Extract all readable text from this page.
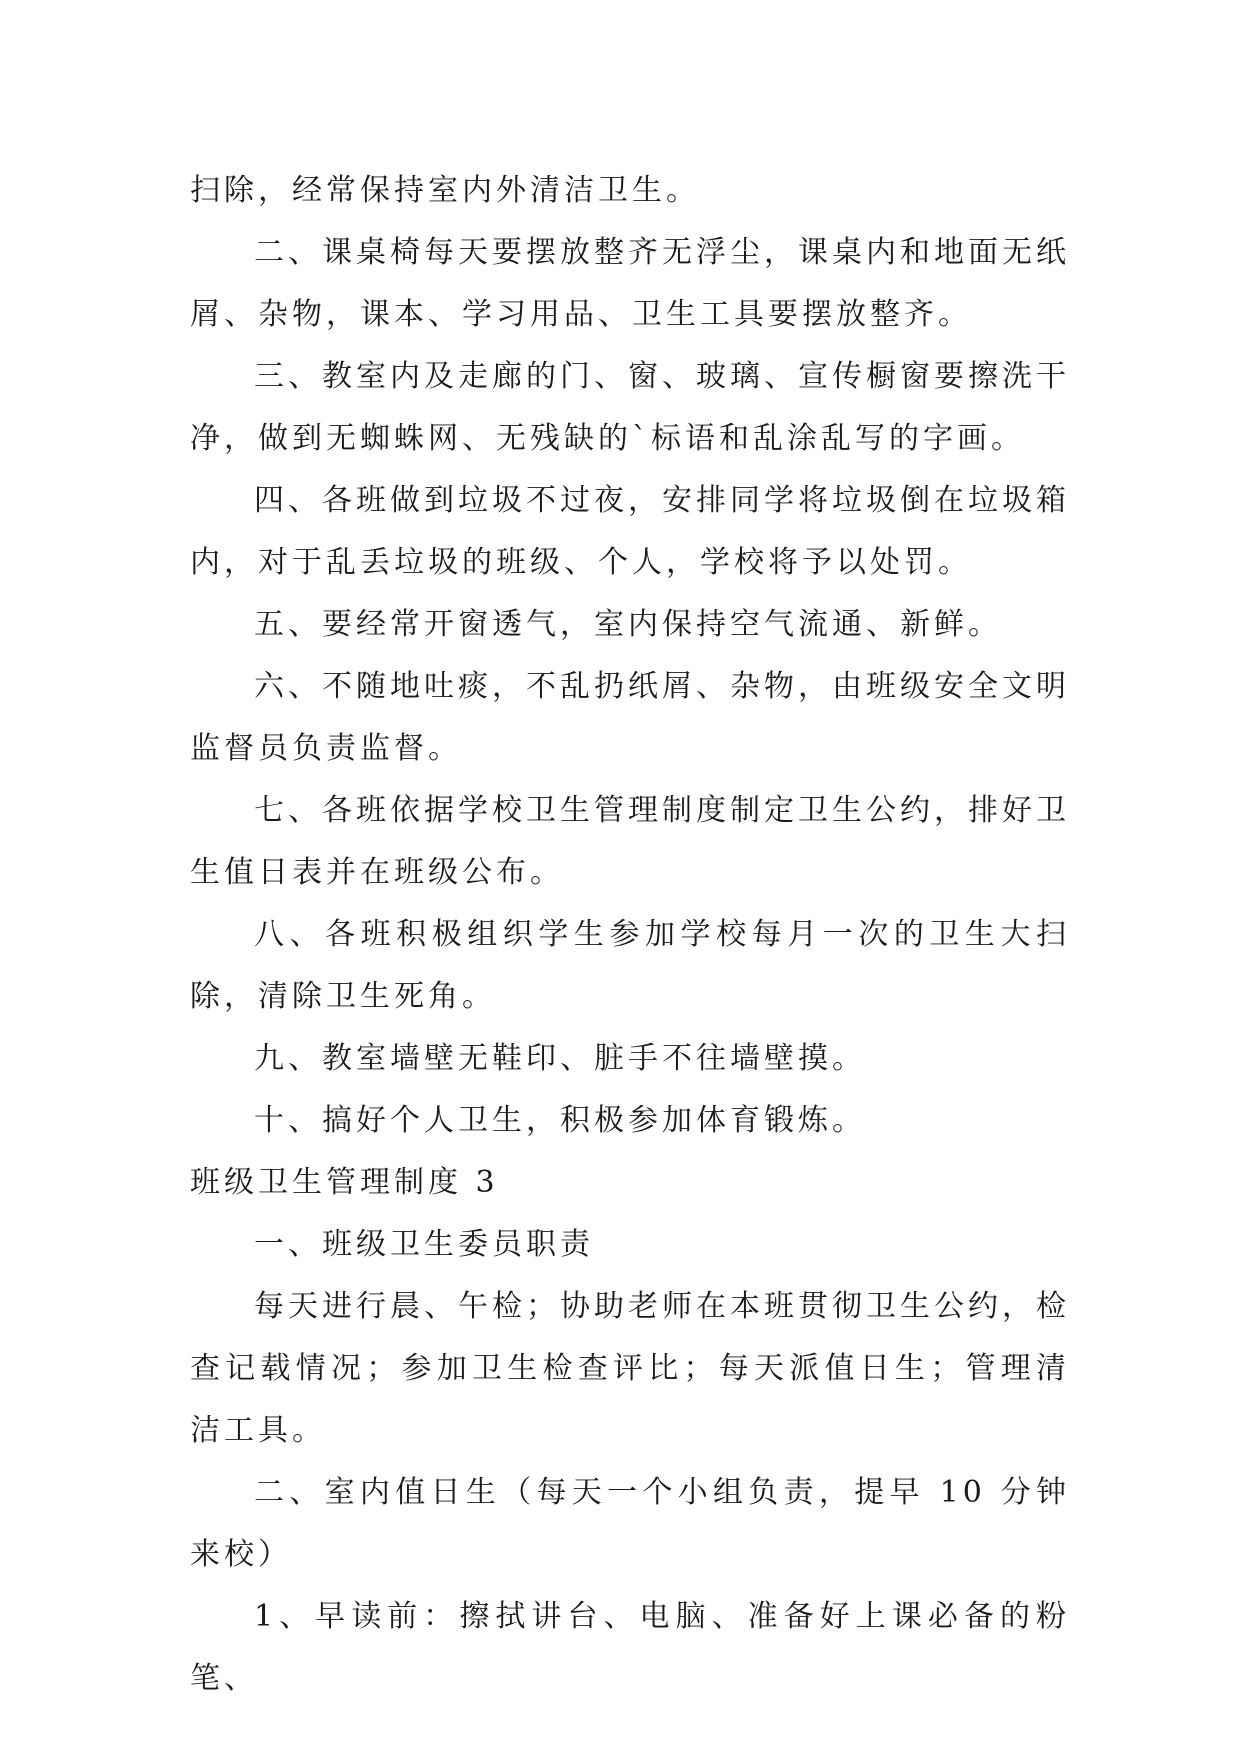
扫除，经常保持室内外清洁卫生。

二、课桌椅每天要摆放整齐无浮尘，课桌内和地面无纸屑、杂物，课本、学习用品、卫生工具要摆放整齐。

三、教室内及走廊的门、窗、玻璃、宣传橱窗要擦洗干净，做到无蜘蛛网、无残缺的`标语和乱涂乱写的字画。

四、各班做到垃圾不过夜，安排同学将垃圾倒在垃圾箱内，对于乱丢垃圾的班级、个人，学校将予以处罚。

五、要经常开窗透气，室内保持空气流通、新鲜。

六、不随地吐痰，不乱扔纸屑、杂物，由班级安全文明监督员负责监督。

七、各班依据学校卫生管理制度制定卫生公约，排好卫生值日表并在班级公布。

八、各班积极组织学生参加学校每月一次的卫生大扫除，清除卫生死角。

九、教室墙壁无鞋印、脏手不往墙壁摸。

十、搞好个人卫生，积极参加体育锻炼。

班级卫生管理制度 3

一、班级卫生委员职责

每天进行晨、午检；协助老师在本班贯彻卫生公约，检查记载情况；参加卫生检查评比；每天派值日生；管理清洁工具。

二、室内值日生（每天一个小组负责，提早 10 分钟来校）

1、早读前：擦拭讲台、电脑、准备好上课必备的粉笔、
